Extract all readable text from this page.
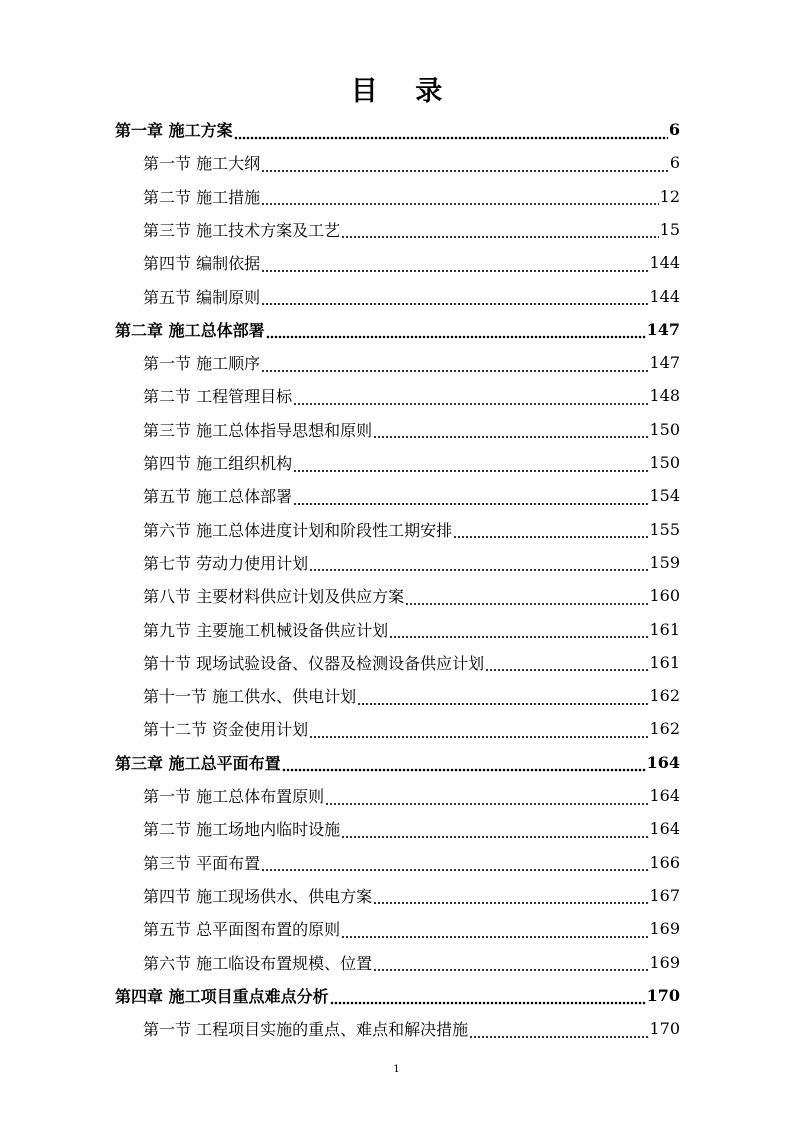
目 录
第一章 施工方案	6
第一节 施工大纲	6
第二节 施工措施	12
第三节 施工技术方案及工艺	15
第四节 编制依据	144
第五节 编制原则	144
第二章 施工总体部署	147
第一节 施工顺序	147
第二节 工程管理目标	148
第三节 施工总体指导思想和原则	150
第四节 施工组织机构	150
第五节 施工总体部署	154
第六节 施工总体进度计划和阶段性工期安排	155
第七节 劳动力使用计划	159
第八节 主要材料供应计划及供应方案	160
第九节 主要施工机械设备供应计划	161
第十节 现场试验设备、仪器及检测设备供应计划	161
第十一节 施工供水、供电计划	162
第十二节 资金使用计划	162
第三章 施工总平面布置	164
第一节 施工总体布置原则	164
第二节 施工场地内临时设施	164
第三节 平面布置	166
第四节 施工现场供水、供电方案	167
第五节 总平面图布置的原则	169
第六节 施工临设布置规模、位置	169
第四章 施工项目重点难点分析	170
第一节 工程项目实施的重点、难点和解决措施	170
1
